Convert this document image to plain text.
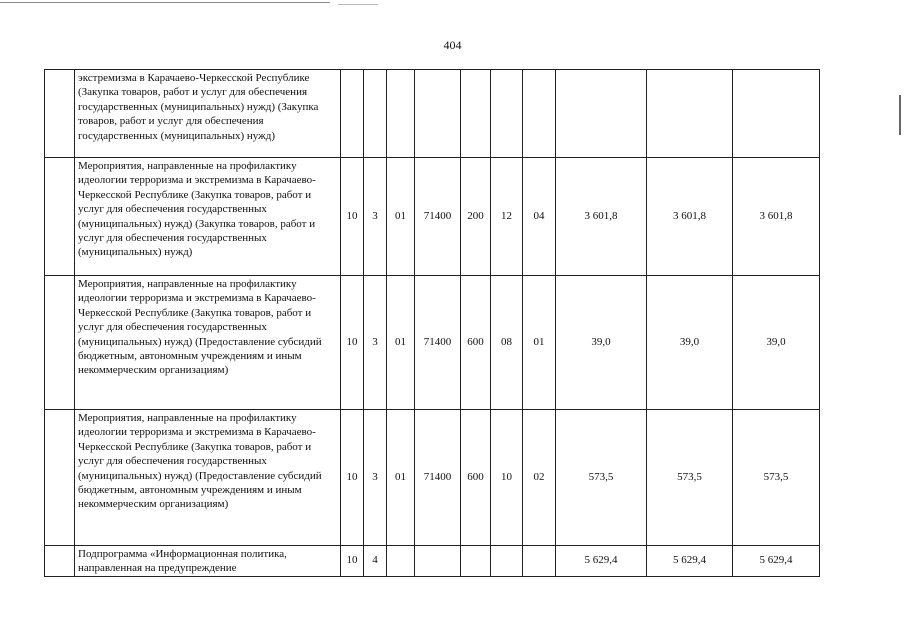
404
	экстремизма в Карачаево-Черкесской Республике (Закупка товаров, работ и услуг для обеспечения государственных (муниципальных) нужд) (Закупка товаров, работ и услуг для обеспечения государственных (муниципальных) нужд)										
	Мероприятия, направленные на профилактику идеологии терроризма и экстремизма в Карачаево-Черкесской Республике (Закупка товаров, работ и услуг для обеспечения государственных (муниципальных) нужд) (Закупка товаров, работ и услуг для обеспечения государственных (муниципальных) нужд)	10	3	01	71400	200	12	04	3 601,8	3 601,8	3 601,8
	Мероприятия, направленные на профилактику идеологии терроризма и экстремизма в Карачаево-Черкесской Республике (Закупка товаров, работ и услуг для обеспечения государственных (муниципальных) нужд) (Предоставление субсидий бюджетным, автономным учреждениям и иным некоммерческим организациям)	10	3	01	71400	600	08	01	39,0	39,0	39,0
	Мероприятия, направленные на профилактику идеологии терроризма и экстремизма в Карачаево-Черкесской Республике (Закупка товаров, работ и услуг для обеспечения государственных (муниципальных) нужд) (Предоставление субсидий бюджетным, автономным учреждениям и иным некоммерческим организациям)	10	3	01	71400	600	10	02	573,5	573,5	573,5
	Подпрограмма «Информационная политика, направленная на предупреждение	10	4						5 629,4	5 629,4	5 629,4
